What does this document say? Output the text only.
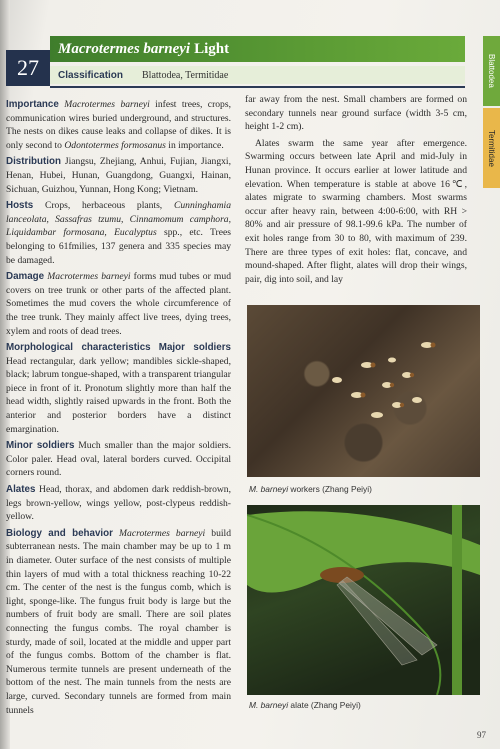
27
Macrotermes barneyi Light
Classification	Blattodea, Termitidae	Blattodea
Termitidae

Importance Macrotermes barneyi infest trees, crops, communication wires buried underground, and structures. The nests on dikes cause leaks and collapse of dikes. It is only second to Odontotermes formosanus in importance.

Distribution Jiangsu, Zhejiang, Anhui, Fujian, Jiangxi, Henan, Hubei, Hunan, Guangdong, Guangxi, Hainan, Sichuan, Guizhou, Yunnan, Hong Kong; Vietnam.

Hosts Crops, herbaceous plants, Cunninghamia lanceolata, Sassafras tzumu, Cinnamomum camphora, Liquidambar formosana, Eucalyptus spp., etc. Trees belonging to 61fmilies, 137 genera and 335 species may be damaged.

Damage Macrotermes barneyi forms mud tubes or mud covers on tree trunk or other parts of the affected plant. Sometimes the mud covers the whole circumference of the tree trunk. They mainly affect live trees, dying trees, xylem and roots of dead trees.

Morphological characteristics Major soldiers Head rectangular, dark yellow; mandibles sickle-shaped, black; labrum tongue-shaped, with a transparent triangular piece in front of it. Pronotum slightly more than half the head width, slightly raised upwards in the front. Both the anterior and posterior borders have a distinct emargination.

Minor soldiers Much smaller than the major soldiers. Color paler. Head oval, lateral borders curved. Occipital corners round.

Alates Head, thorax, and abdomen dark reddish-brown, legs brown-yellow, wings yellow, post-clypeus reddish-yellow.

Biology and behavior Macrotermes barneyi build subterranean nests. The main chamber may be up to 1 m in diameter. Outer surface of the nest consists of multiple thin layers of mud with a total thickness reaching 10-22 cm. The center of the nest is the fungus comb, which is light, sponge-like. The fungus fruit body is large but the numbers of fruit body are small. There are soil plates connecting the fungus combs. The royal chamber is sturdy, made of soil, located at the middle and upper part of the fungus combs. Bottom of the chamber is flat. Numerous termite tunnels are present underneath of the bottom of the nest. The main tunnels from the nests are large, curved. Secondary tunnels are formed from main tunnels

far away from the nest. Small chambers are formed on secondary tunnels near ground surface (width 3-5 cm, height 1-2 cm).

Alates swarm the same year after emergence. Swarming occurs between late April and mid-July in Hunan province. It occurs earlier at lower latitude and elevation. When temperature is stable at above 16℃, alates migrate to swarming chambers. Most swarms occur after heavy rain, between 4:00-6:00, with RH > 80% and air pressure of 98.1-99.6 kPa. The number of exit holes range from 30 to 80, with maximum of 239. There are three types of exit holes: flat, concave, and mound-shaped. After flight, alates will drop their wings, pair, dig into soil, and lay

M. barneyi workers (Zhang Peiyi)
M. barneyi alate (Zhang Peiyi)
97
